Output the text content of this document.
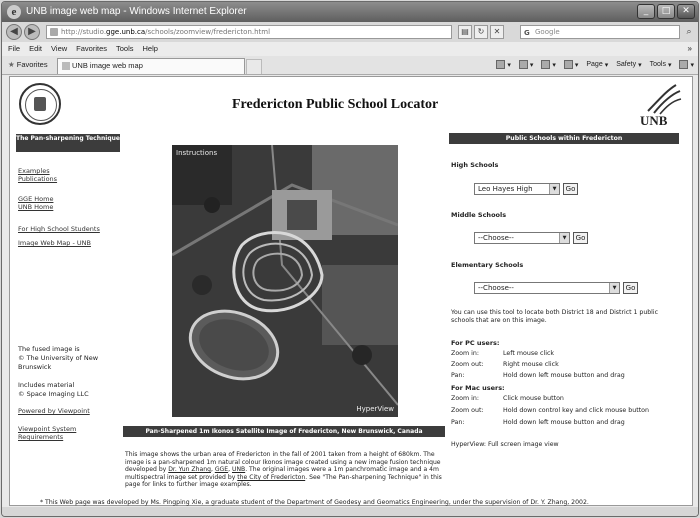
e UNB image web map - Windows Internet Explorer	_	□	✕
◀	▶	http://studio.gge.unb.ca/schools/zoomview/fredericton.html	▤	↻	✕	G Google	⌕
File Edit View Favorites Tools Help	»
★ Favorites	UNB image web map	▾	▾	▾	▾ Page ▾ Safety ▾ Tools ▾	▾
Fredericton Public School Locator
UNB
The Pan-sharpening Technique
Examples
Publications
GGE Home
UNB Home
For High School Students
Image Web Map - UNB
Powered by Viewpoint
Viewpoint System
Requirements
The fused image is
© The University of New
Brunswick
Includes material
© Space Imaging LLC
Instructions
HyperView
Pan-Sharpened 1m Ikonos Satellite Image of Fredericton, New Brunswick, Canada
This image shows the urban area of Fredericton in the fall of 2001 taken from a height of 680km. The image is a pan-sharpened 1m natural colour Ikonos image created using a new image fusion technique developed by Dr. Yun Zhang, GGE, UNB. The original images were a 1m panchromatic image and a 4m multispectral image set provided by the City of Fredericton. See "The Pan-sharpening Technique" in this page for links to further image examples.
Public Schools within Fredericton
High Schools
Leo Hayes High	▼	Go
Middle Schools
--Choose--	▼	Go
Elementary Schools
--Choose--	▼	Go
You can use this tool to locate both District 18 and District 1 public schools that are on this image.
For PC users:
Zoom in:	Left mouse click
Zoom out:	Right mouse click
Pan:	Hold down left mouse button and drag
For Mac users:
Zoom in:	Click mouse button
Zoom out:	Hold down control key and click mouse button
Pan:	Hold down left mouse button and drag
HyperView: Full screen image view
* This Web page was developed by Ms. Pingping Xie, a graduate student of the Department of Geodesy and Geomatics Engineering, under the supervision of Dr. Y. Zhang, 2002.
